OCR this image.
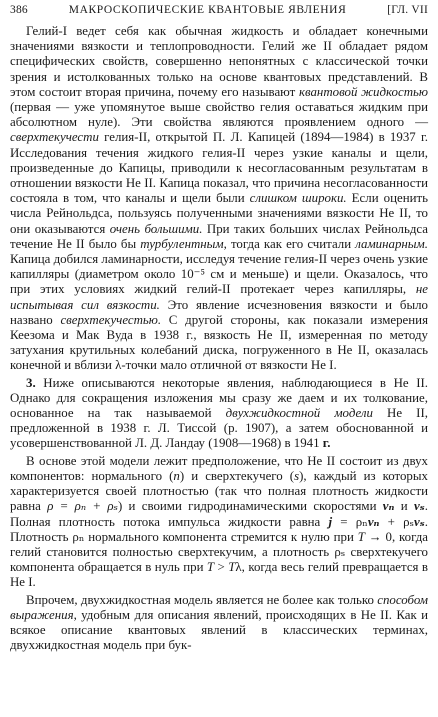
386	МАКРОСКОПИЧЕСКИЕ КВАНТОВЫЕ ЯВЛЕНИЯ	[ГЛ. VII

Гелий-I ведет себя как обычная жидкость и обладает конечными значениями вязкости и теплопроводности. Гелий же II обладает рядом специфических свойств, совершенно непонятных с классической точки зрения и истолкованных только на основе квантовых представлений. В этом состоит вторая причина, почему его называют квантовой жидкостью (первая — уже упомянутое выше свойство гелия оставаться жидким при абсолютном нуле). Эти свойства являются проявлением одного — сверхтекучести гелия-II, открытой П. Л. Капицей (1894—1984) в 1937 г. Исследования течения жидкого гелия-II через узкие каналы и щели, произведенные до Капицы, приводили к несогласованным результатам в отношении вязкости He II. Капица показал, что причина несогласованности состояла в том, что каналы и щели были слишком широки. Если оценить числа Рейнольдса, пользуясь полученными значениями вязкости He II, то они оказываются очень большими. При таких больших числах Рейнольдса течение He II было бы турбулентным, тогда как его считали ламинарным. Капица добился ламинарности, исследуя течение гелия-II через очень узкие капилляры (диаметром около 10⁻⁵ см и меньше) и щели. Оказалось, что при этих условиях жидкий гелий-II протекает через капилляры, не испытывая сил вязкости. Это явление исчезновения вязкости и было названо сверхтекучестью. С другой стороны, как показали измерения Кеезома и Мак Вуда в 1938 г., вязкость He II, измеренная по методу затухания крутильных колебаний диска, погруженного в He II, оказалась конечной и вблизи λ-точки мало отличной от вязкости He I.

3. Ниже описываются некоторые явления, наблюдающиеся в He II. Однако для сокращения изложения мы сразу же даем и их толкование, основанное на так называемой двухжидкостной модели He II, предложенной в 1938 г. Л. Тиссой (р. 1907), а затем обоснованной и усовершенствованной Л. Д. Ландау (1908—1968) в 1941 г.

В основе этой модели лежит предположение, что He II состоит из двух компонентов: нормального (n) и сверхтекучего (s), каждый из которых характеризуется своей плотностью (так что полная плотность жидкости равна ρ = ρₙ + ρₛ) и своими гидродинамическими скоростями vₙ и vₛ. Полная плотность потока импульса жидкости равна j = ρₙvₙ + ρₛvₛ. Плотность ρₙ нормального компонента стремится к нулю при T → 0, когда гелий становится полностью сверхтекучим, а плотность ρₛ сверхтекучего компонента обращается в нуль при T > Tλ, когда весь гелий превращается в He I.

Впрочем, двухжидкостная модель является не более как только способом выражения, удобным для описания явлений, происходящих в He II. Как и всякое описание квантовых явлений в классических терминах, двухжидкостная модель при бук-
